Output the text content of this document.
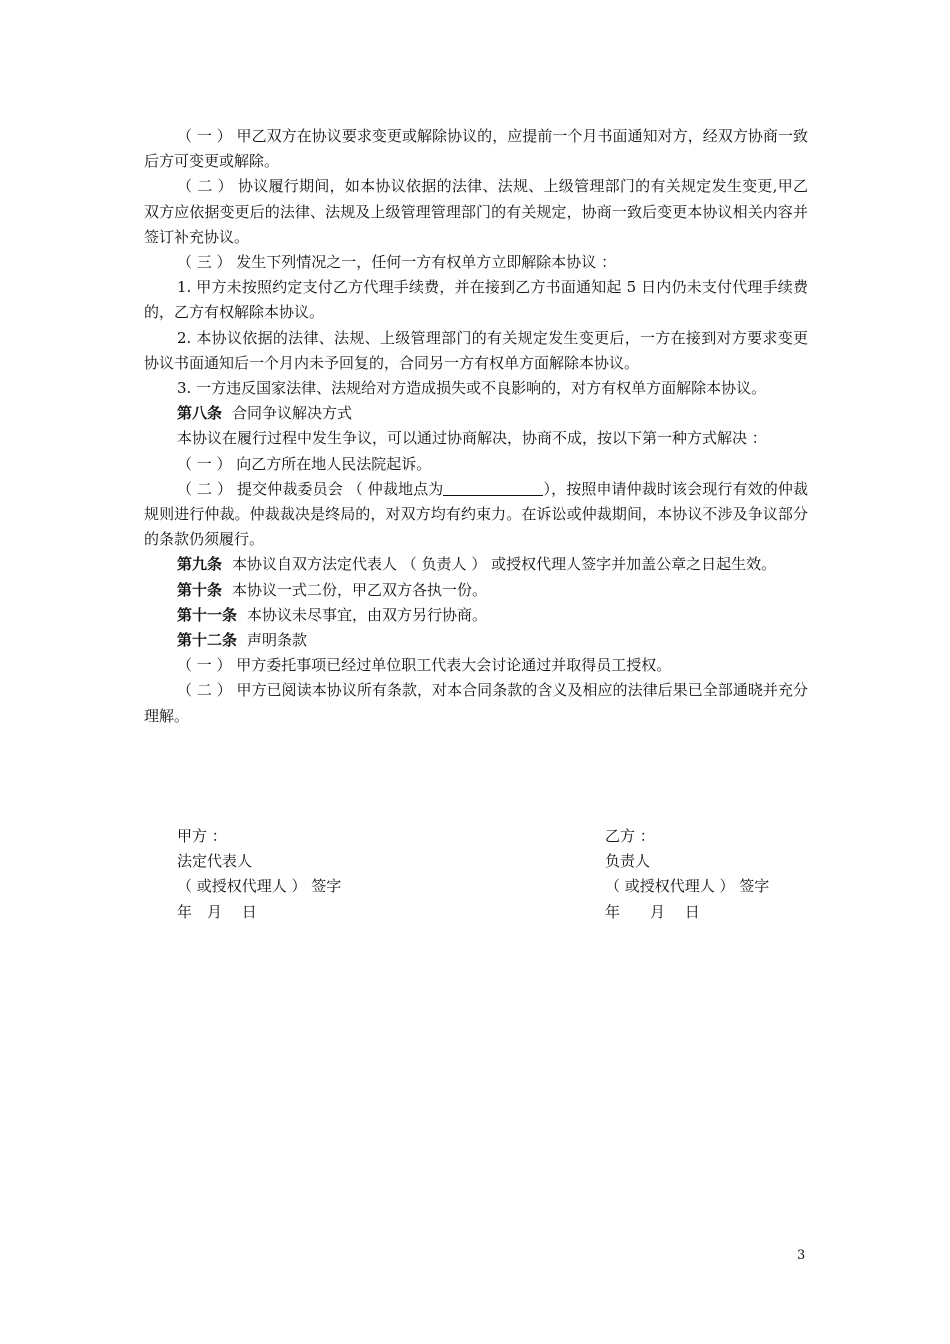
（ 一 ） 甲乙双方在协议要求变更或解除协议的，应提前一个月书面通知对方，经双方协商一致后方可变更或解除。

（ 二 ） 协议履行期间，如本协议依据的法律、法规、上级管理部门的有关规定发生变更,甲乙双方应依据变更后的法律、法规及上级管理管理部门的有关规定，协商一致后变更本协议相关内容并签订补充协议。

（ 三 ） 发生下列情况之一，任何一方有权单方立即解除本协议 ：

1. 甲方未按照约定支付乙方代理手续费，并在接到乙方书面通知起 5 日内仍未支付代理手续费的，乙方有权解除本协议。

2. 本协议依据的法律、法规、上级管理部门的有关规定发生变更后，一方在接到对方要求变更协议书面通知后一个月内未予回复的，合同另一方有权单方面解除本协议。

3. 一方违反国家法律、法规给对方造成损失或不良影响的，对方有权单方面解除本协议。

第八条 合同争议解决方式

本协议在履行过程中发生争议，可以通过协商解决，协商不成，按以下第一种方式解决 ：

（ 一 ） 向乙方所在地人民法院起诉。

（ 二 ） 提交仲裁委员会 （ 仲裁地点为	），按照申请仲裁时该会现行有效的仲裁规则进行仲裁。仲裁裁决是终局的，对双方均有约束力。在诉讼或仲裁期间，本协议不涉及争议部分的条款仍须履行。

第九条 本协议自双方法定代表人 （ 负责人 ） 或授权代理人签字并加盖公章之日起生效。

第十条 本协议一式二份，甲乙双方各执一份。

第十一条 本协议未尽事宜，由双方另行协商。

第十二条 声明条款

（ 一 ） 甲方委托事项已经过单位职工代表大会讨论通过并取得员工授权。

（ 二 ） 甲方已阅读本协议所有条款，对本合同条款的含义及相应的法律后果已全部通晓并充分理解。

甲方 ：
法定代表人
（ 或授权代理人 ） 签字
年　月　 日
乙方 ：
负责人
（ 或授权代理人 ） 签字
年　　月　 日
3
